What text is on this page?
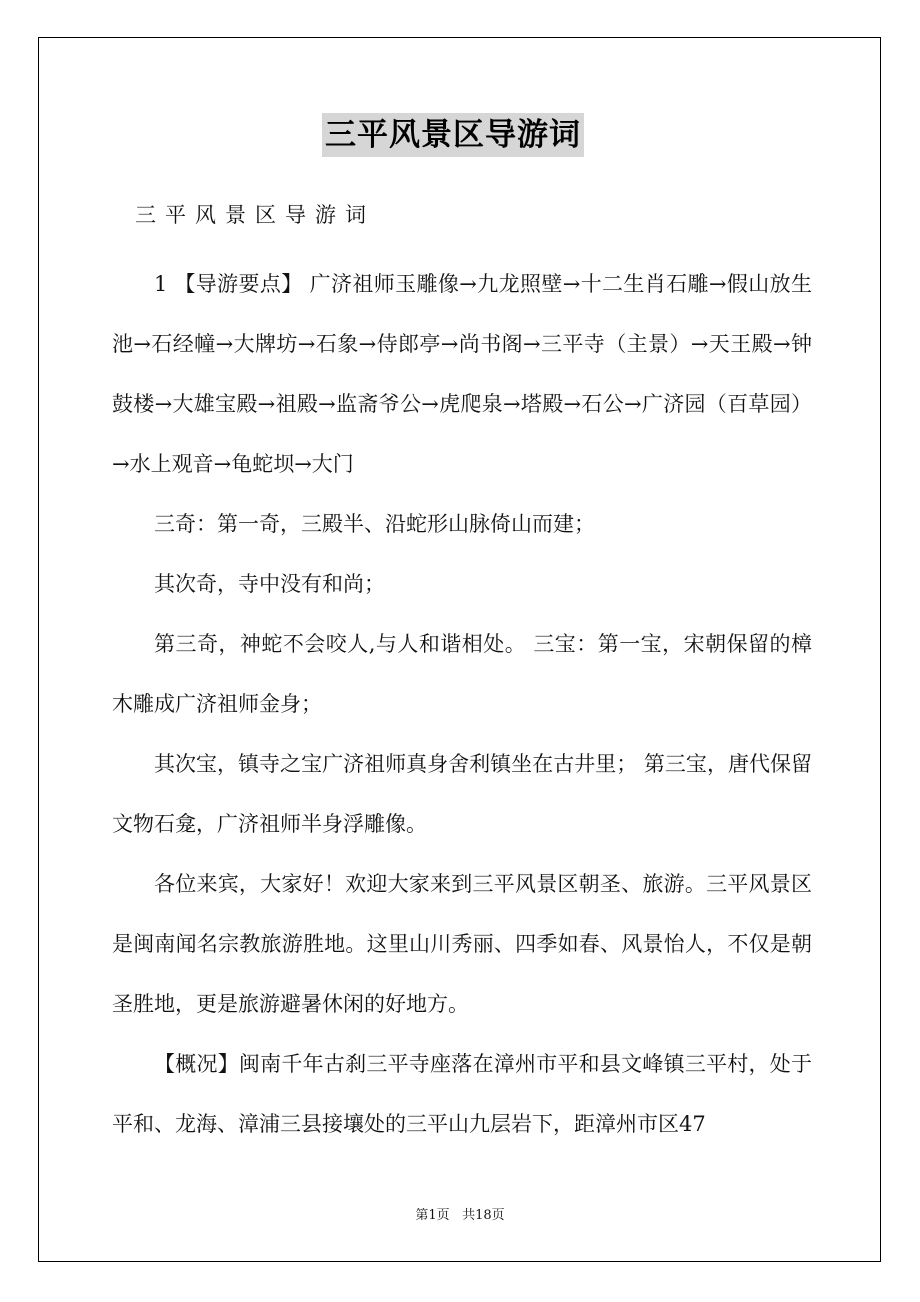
三平风景区导游词
三平风景区导游词

1 【导游要点】 广济祖师玉雕像→九龙照壁→十二生肖石雕→假山放生池→石经幢→大牌坊→石象→侍郎亭→尚书阁→三平寺（主景）→天王殿→钟鼓楼→大雄宝殿→祖殿→监斋爷公→虎爬泉→塔殿→石公→广济园（百草园）→水上观音→龟蛇坝→大门

三奇：第一奇，三殿半、沿蛇形山脉倚山而建；

其次奇，寺中没有和尚；

第三奇，神蛇不会咬人,与人和谐相处。 三宝：第一宝，宋朝保留的樟木雕成广济祖师金身；

其次宝，镇寺之宝广济祖师真身舍利镇坐在古井里； 第三宝，唐代保留文物石龛，广济祖师半身浮雕像。

各位来宾，大家好！欢迎大家来到三平风景区朝圣、旅游。三平风景区是闽南闻名宗教旅游胜地。这里山川秀丽、四季如春、风景怡人，不仅是朝圣胜地，更是旅游避暑休闲的好地方。

【概况】闽南千年古刹三平寺座落在漳州市平和县文峰镇三平村，处于平和、龙海、漳浦三县接壤处的三平山九层岩下，距漳州市区47

第1页 共18页
